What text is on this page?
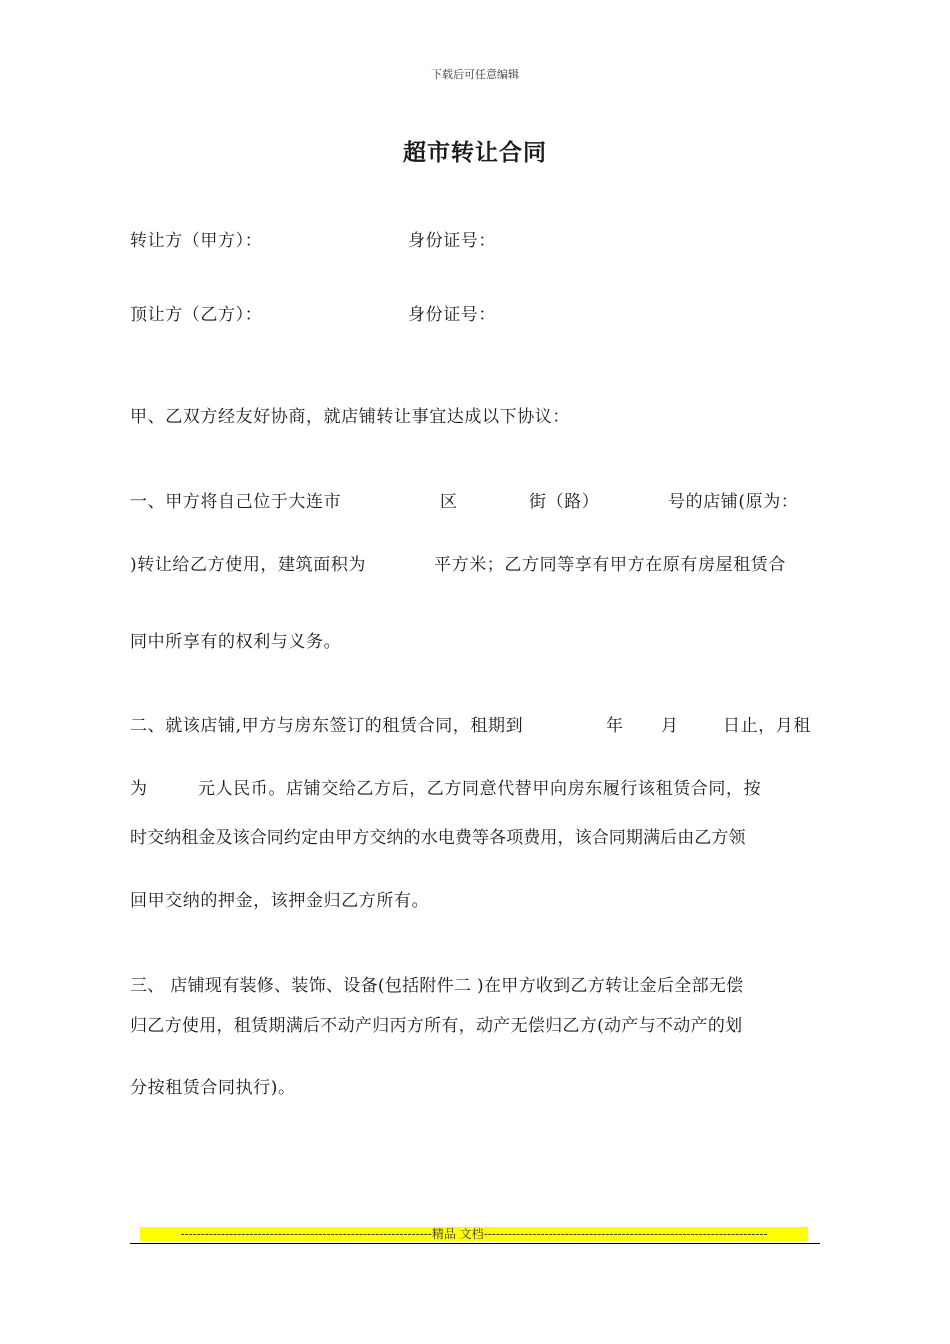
下载后可任意编辑
超市转让合同
转让方（甲方）：	身份证号：
顶让方（乙方）：	身份证号：
甲、乙双方经友好协商，就店铺转让事宜达成以下协议：
一、甲方将自己位于大连市	区	街（路）	号的店铺(原为：
)转让给乙方使用，建筑面积为	平方米；乙方同等享有甲方在原有房屋租赁合
同中所享有的权利与义务。
二、就该店铺,甲方与房东签订的租赁合同，租期到	年 月	日止，月租
为	元人民币。店铺交给乙方后，乙方同意代替甲向房东履行该租赁合同，按
时交纳租金及该合同约定由甲方交纳的水电费等各项费用，该合同期满后由乙方领
回甲交纳的押金，该押金归乙方所有。
三、 店铺现有装修、装饰、设备(包括附件二 )在甲方收到乙方转让金后全部无偿
归乙方使用，租赁期满后不动产归丙方所有，动产无偿归乙方(动产与不动产的划
分按租赁合同执行)。
--------------------------------------------------------------精品 文档----------------------------------------------------------------------
